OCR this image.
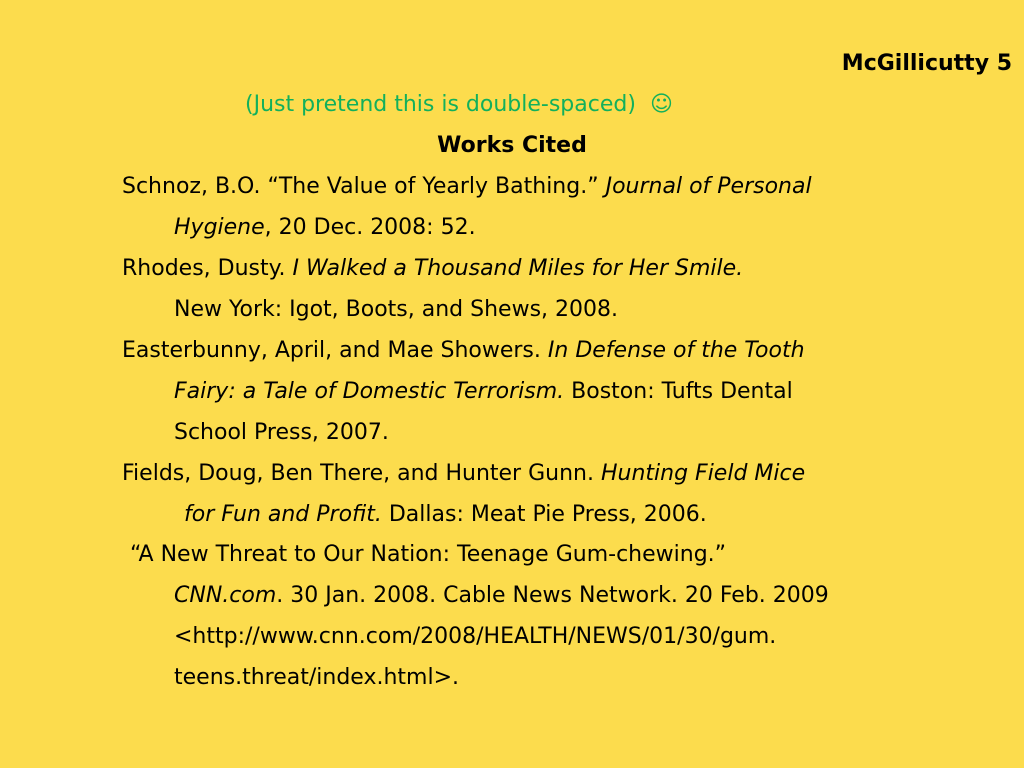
McGillicutty 5
(Just pretend this is double-spaced) ☺
Works Cited
Schnoz, B.O. “The Value of Yearly Bathing.” Journal of Personal
Hygiene, 20 Dec. 2008: 52.
Rhodes, Dusty. I Walked a Thousand Miles for Her Smile.
New York: Igot, Boots, and Shews, 2008.
Easterbunny, April, and Mae Showers. In Defense of the Tooth
Fairy: a Tale of Domestic Terrorism. Boston: Tufts Dental
School Press, 2007.
Fields, Doug, Ben There, and Hunter Gunn. Hunting Field Mice
for Fun and Profit. Dallas: Meat Pie Press, 2006.
“A New Threat to Our Nation: Teenage Gum-chewing.”
CNN.com. 30 Jan. 2008. Cable News Network. 20 Feb. 2009
<http://www.cnn.com/2008/HEALTH/NEWS/01/30/gum.
teens.threat/index.html>.
